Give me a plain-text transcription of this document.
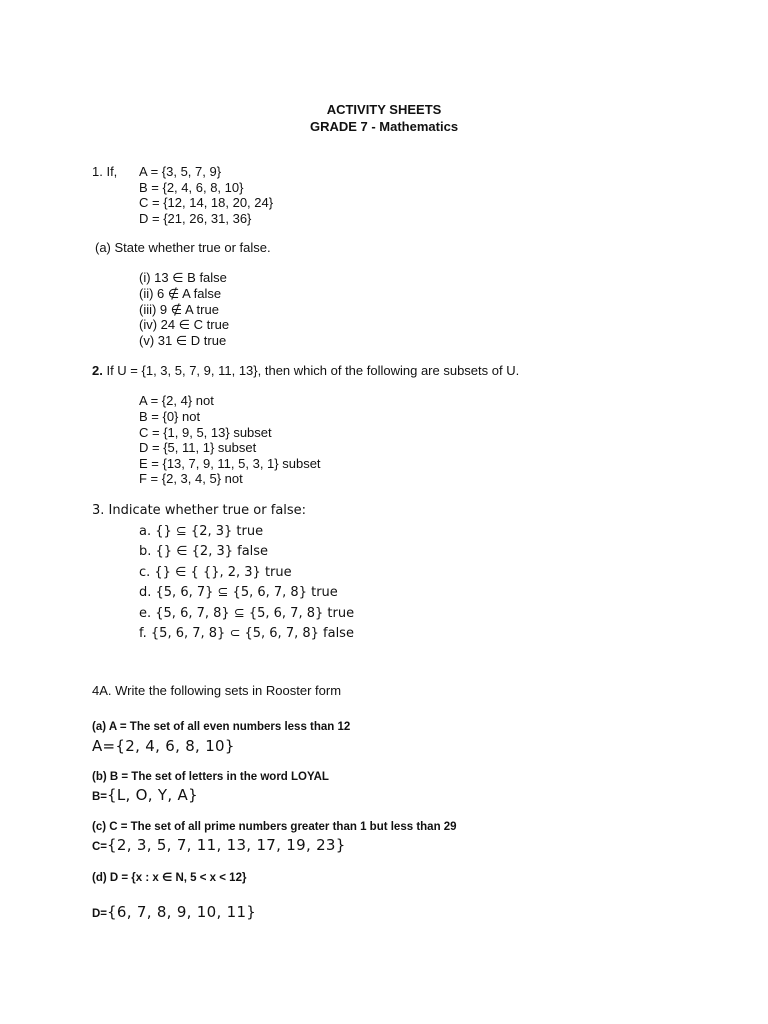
ACTIVITY SHEETS
GRADE 7 - Mathematics
1. If, A = {3, 5, 7, 9}
B = {2, 4, 6, 8, 10}
C = {12, 14, 18, 20, 24}
D = {21, 26, 31, 36}
(a) State whether true or false.
(i) 13 ∈ B false
(ii) 6 ∉ A false
(iii) 9 ∉ A true
(iv) 24 ∈ C true
(v) 31 ∈ D true
2. If U = {1, 3, 5, 7, 9, 11, 13}, then which of the following are subsets of U.
A = {2, 4} not
B = {0} not
C = {1, 9, 5, 13} subset
D = {5, 11, 1} subset
E = {13, 7, 9, 11, 5, 3, 1} subset
F = {2, 3, 4, 5} not
3. Indicate whether true or false:
a. {} ⊆ {2, 3} true
b. {} ∈ {2, 3} false
c. {} ∈ { {}, 2, 3} true
d. {5, 6, 7} ⊆ {5, 6, 7, 8} true
e. {5, 6, 7, 8} ⊆ {5, 6, 7, 8} true
f. {5, 6, 7, 8} ⊂ {5, 6, 7, 8} false
4A. Write the following sets in Rooster form
(a) A = The set of all even numbers less than 12
A={2, 4, 6, 8, 10}
(b) B = The set of letters in the word LOYAL
B={L, O, Y, A}
(c) C = The set of all prime numbers greater than 1 but less than 29
C={2, 3, 5, 7, 11, 13, 17, 19, 23}
(d) D = {x : x ∈ N, 5 < x < 12}
D={6, 7, 8, 9, 10, 11}
